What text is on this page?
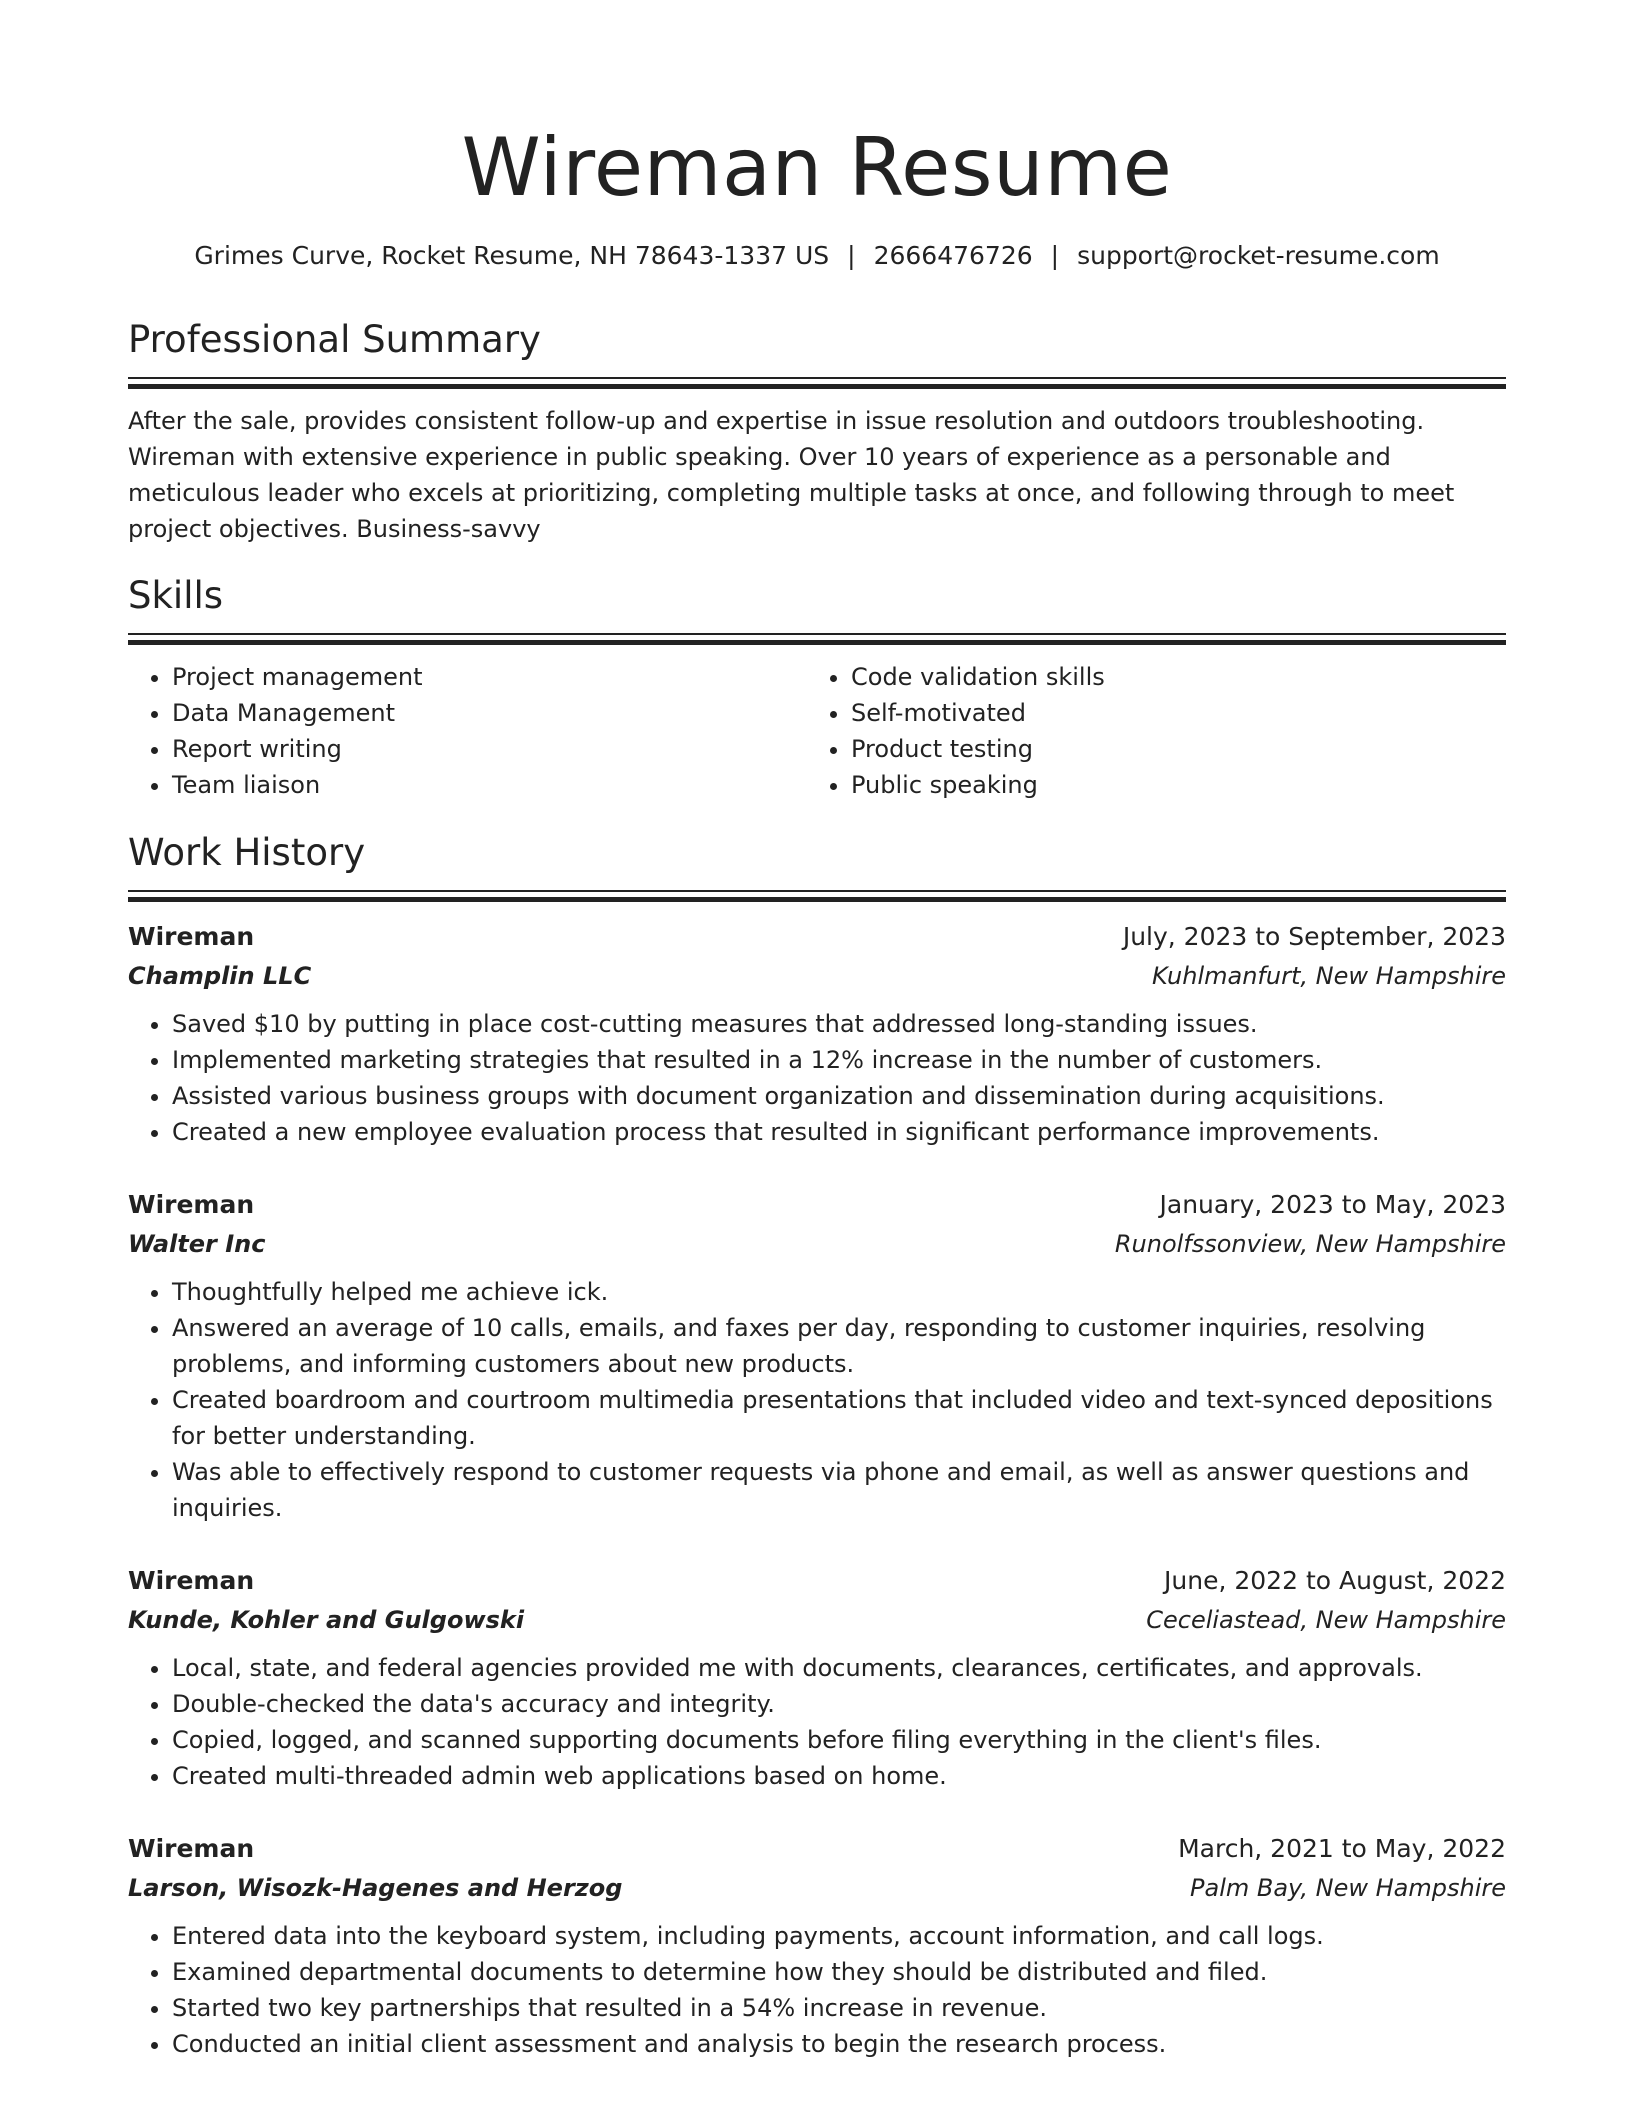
Wireman Resume
Grimes Curve, Rocket Resume, NH 78643-1337 US | 2666476726 | support@rocket-resume.com
Professional Summary

After the sale, provides consistent follow-up and expertise in issue resolution and outdoors troubleshooting. Wireman with extensive experience in public speaking. Over 10 years of experience as a personable and meticulous leader who excels at prioritizing, completing multiple tasks at once, and following through to meet project objectives. Business-savvy

Skills
• Project management
• Data Management
• Report writing
• Team liaison
• Code validation skills
• Self-motivated
• Product testing
• Public speaking
Work History
Wireman	July, 2023 to September, 2023
Champlin LLC	Kuhlmanfurt, New Hampshire
• Saved $10 by putting in place cost-cutting measures that addressed long-standing issues.
• Implemented marketing strategies that resulted in a 12% increase in the number of customers.
• Assisted various business groups with document organization and dissemination during acquisitions.
• Created a new employee evaluation process that resulted in significant performance improvements.
Wireman	January, 2023 to May, 2023
Walter Inc	Runolfssonview, New Hampshire
• Thoughtfully helped me achieve ick.
• Answered an average of 10 calls, emails, and faxes per day, responding to customer inquiries, resolving problems, and informing customers about new products.
• Created boardroom and courtroom multimedia presentations that included video and text-synced depositions for better understanding.
• Was able to effectively respond to customer requests via phone and email, as well as answer questions and inquiries.
Wireman	June, 2022 to August, 2022
Kunde, Kohler and Gulgowski	Ceceliastead, New Hampshire
• Local, state, and federal agencies provided me with documents, clearances, certificates, and approvals.
• Double-checked the data's accuracy and integrity.
• Copied, logged, and scanned supporting documents before filing everything in the client's files.
• Created multi-threaded admin web applications based on home.
Wireman	March, 2021 to May, 2022
Larson, Wisozk-Hagenes and Herzog	Palm Bay, New Hampshire
• Entered data into the keyboard system, including payments, account information, and call logs.
• Examined departmental documents to determine how they should be distributed and filed.
• Started two key partnerships that resulted in a 54% increase in revenue.
• Conducted an initial client assessment and analysis to begin the research process.
